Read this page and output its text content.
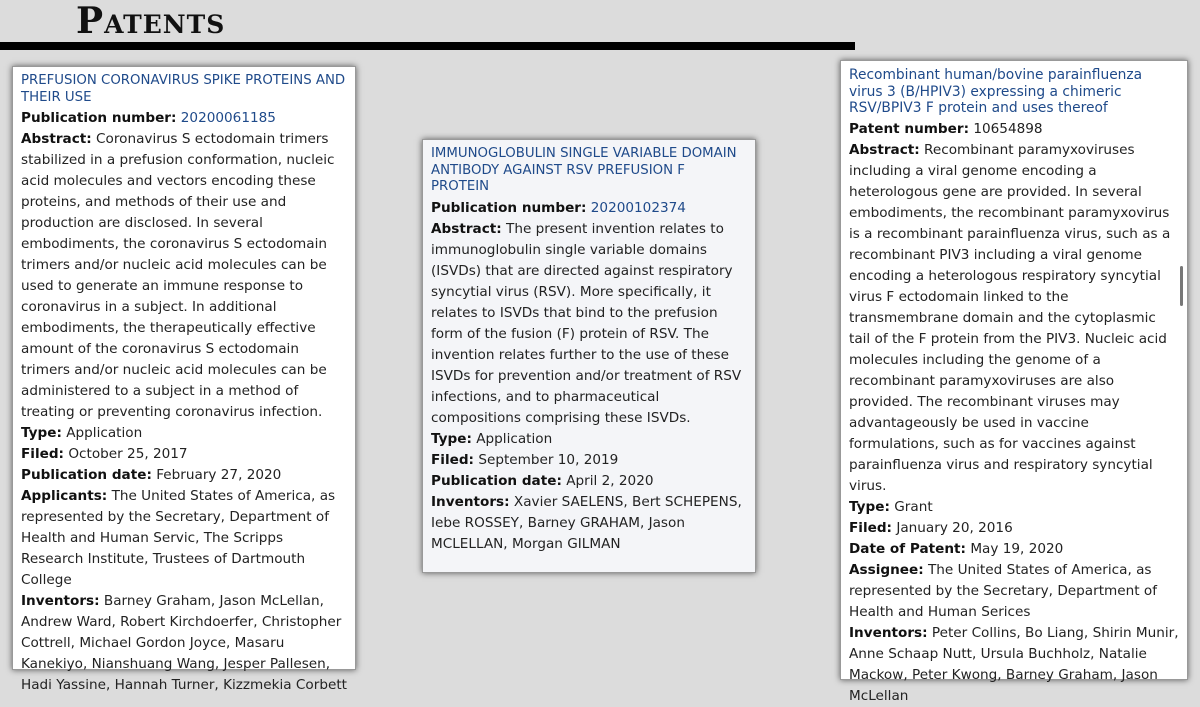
Patents
PREFUSION CORONAVIRUS SPIKE PROTEINS AND THEIR USE
Publication number: 20200061185
Abstract: Coronavirus S ectodomain trimers stabilized in a prefusion conformation, nucleic acid molecules and vectors encoding these proteins, and methods of their use and production are disclosed. In several embodiments, the coronavirus S ectodomain trimers and/or nucleic acid molecules can be used to generate an immune response to coronavirus in a subject. In additional embodiments, the therapeutically effective amount of the coronavirus S ectodomain trimers and/or nucleic acid molecules can be administered to a subject in a method of treating or preventing coronavirus infection.
Type: Application
Filed: October 25, 2017
Publication date: February 27, 2020
Applicants: The United States of America, as represented by the Secretary, Department of Health and Human Servic, The Scripps Research Institute, Trustees of Dartmouth College
Inventors: Barney Graham, Jason McLellan, Andrew Ward, Robert Kirchdoerfer, Christopher Cottrell, Michael Gordon Joyce, Masaru Kanekiyo, Nianshuang Wang, Jesper Pallesen, Hadi Yassine, Hannah Turner, Kizzmekia Corbett
IMMUNOGLOBULIN SINGLE VARIABLE DOMAIN ANTIBODY AGAINST RSV PREFUSION F PROTEIN
Publication number: 20200102374
Abstract: The present invention relates to immunoglobulin single variable domains (ISVDs) that are directed against respiratory syncytial virus (RSV). More specifically, it relates to ISVDs that bind to the prefusion form of the fusion (F) protein of RSV. The invention relates further to the use of these ISVDs for prevention and/or treatment of RSV infections, and to pharmaceutical compositions comprising these ISVDs.
Type: Application
Filed: September 10, 2019
Publication date: April 2, 2020
Inventors: Xavier SAELENS, Bert SCHEPENS, Iebe ROSSEY, Barney GRAHAM, Jason MCLELLAN, Morgan GILMAN
Recombinant human/bovine parainfluenza virus 3 (B/HPIV3) expressing a chimeric RSV/BPIV3 F protein and uses thereof
Patent number: 10654898
Abstract: Recombinant paramyxoviruses including a viral genome encoding a heterologous gene are provided. In several embodiments, the recombinant paramyxovirus is a recombinant parainfluenza virus, such as a recombinant PIV3 including a viral genome encoding a heterologous respiratory syncytial virus F ectodomain linked to the transmembrane domain and the cytoplasmic tail of the F protein from the PIV3. Nucleic acid molecules including the genome of a recombinant paramyxoviruses are also provided. The recombinant viruses may advantageously be used in vaccine formulations, such as for vaccines against parainfluenza virus and respiratory syncytial virus.
Type: Grant
Filed: January 20, 2016
Date of Patent: May 19, 2020
Assignee: The United States of America, as represented by the Secretary, Department of Health and Human Serices
Inventors: Peter Collins, Bo Liang, Shirin Munir, Anne Schaap Nutt, Ursula Buchholz, Natalie Mackow, Peter Kwong, Barney Graham, Jason McLellan
